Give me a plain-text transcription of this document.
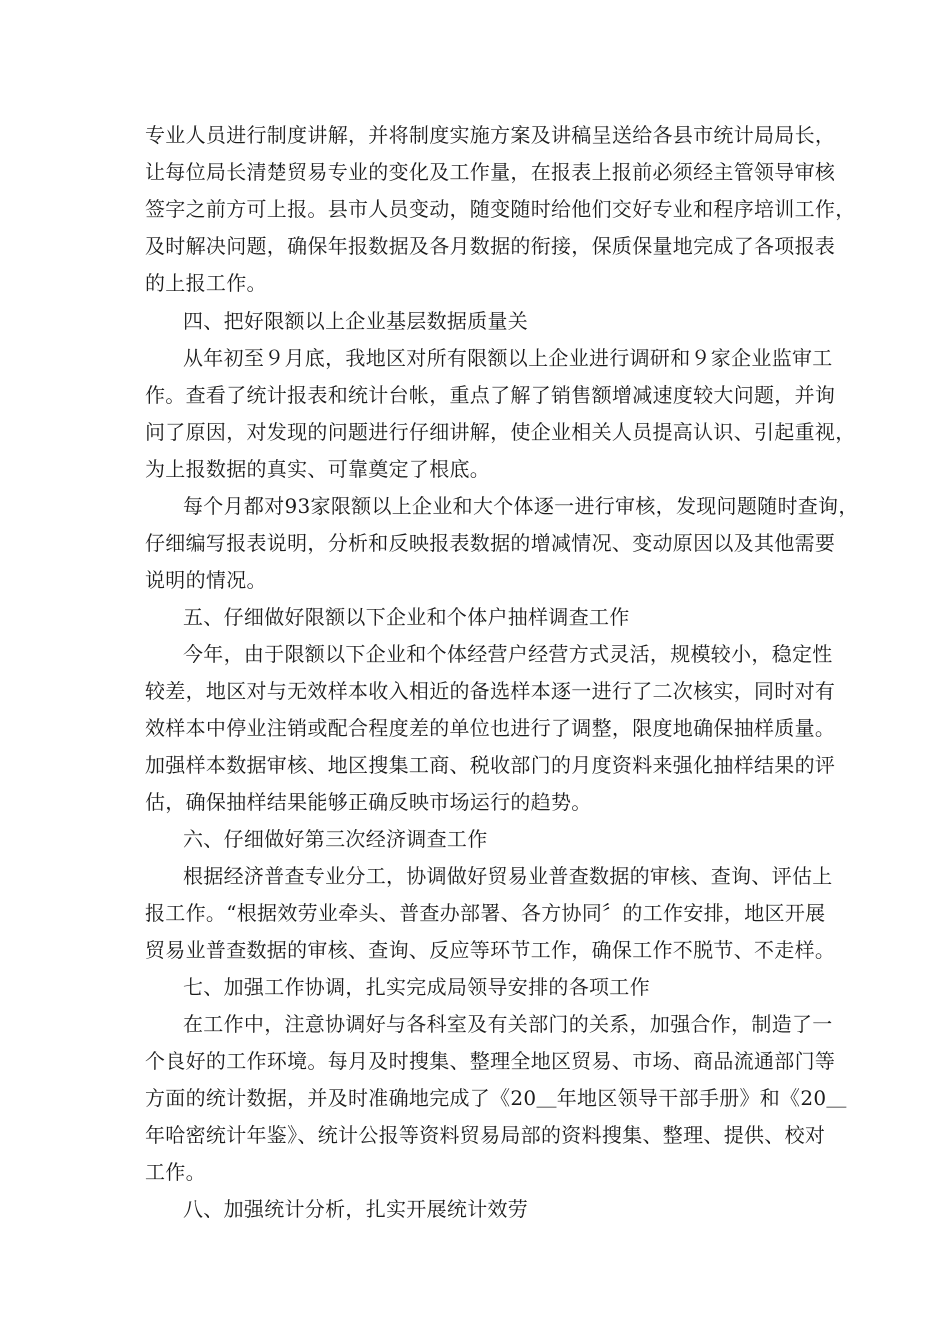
专业人员进行制度讲解，并将制度实施方案及讲稿呈送给各县市统计局局长，
让每位局长清楚贸易专业的变化及工作量，在报表上报前必须经主管领导审核
签字之前方可上报。县市人员变动，随变随时给他们交好专业和程序培训工作，
及时解决问题，确保年报数据及各月数据的衔接，保质保量地完成了各项报表
的上报工作。
四、把好限额以上企业基层数据质量关
从年初至９月底，我地区对所有限额以上企业进行调研和９家企业监审工
作。查看了统计报表和统计台帐，重点了解了销售额增减速度较大问题，并询
问了原因，对发现的问题进行仔细讲解，使企业相关人员提高认识、引起重视，
为上报数据的真实、可靠奠定了根底。
每个月都对93家限额以上企业和大个体逐一进行审核，发现问题随时查询，
仔细编写报表说明，分析和反映报表数据的增减情况、变动原因以及其他需要
说明的情况。
五、仔细做好限额以下企业和个体户抽样调查工作
今年，由于限额以下企业和个体经营户经营方式灵活，规模较小，稳定性
较差，地区对与无效样本收入相近的备选样本逐一进行了二次核实，同时对有
效样本中停业注销或配合程度差的单位也进行了调整，限度地确保抽样质量。
加强样本数据审核、地区搜集工商、税收部门的月度资料来强化抽样结果的评
估，确保抽样结果能够正确反映市场运行的趋势。
六、仔细做好第三次经济调查工作
根据经济普查专业分工，协调做好贸易业普查数据的审核、查询、评估上
报工作。“根据效劳业牵头、普查办部署、各方协同〞的工作安排，地区开展
贸易业普查数据的审核、查询、反应等环节工作，确保工作不脱节、不走样。
七、加强工作协调，扎实完成局领导安排的各项工作
在工作中，注意协调好与各科室及有关部门的关系，加强合作，制造了一
个良好的工作环境。每月及时搜集、整理全地区贸易、市场、商品流通部门等
方面的统计数据，并及时准确地完成了《20＿年地区领导干部手册》和《20＿
年哈密统计年鉴》、统计公报等资料贸易局部的资料搜集、整理、提供、校对
工作。
八、加强统计分析，扎实开展统计效劳
